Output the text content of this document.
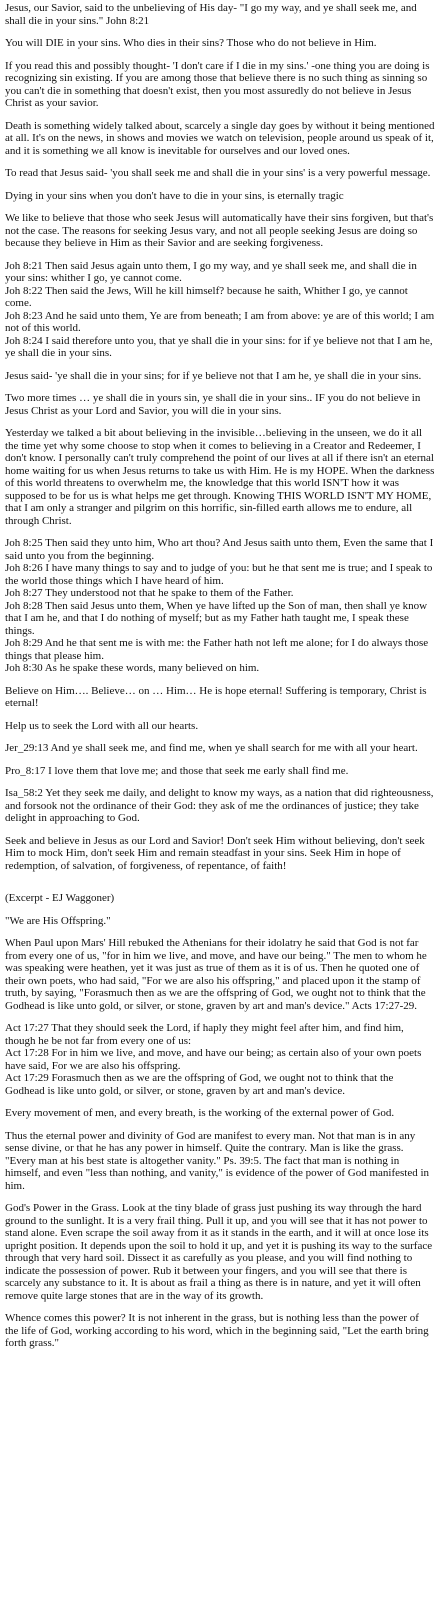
Jesus, our Savior, said to the unbelieving of His day- "I go my way, and ye shall seek me, and shall die in your sins." John 8:21

You will DIE in your sins. Who dies in their sins? Those who do not believe in Him.

If you read this and possibly thought- 'I don't care if I die in my sins.' -one thing you are doing is recognizing sin existing. If you are among those that believe there is no such thing as sinning so you can't die in something that doesn't exist, then you most assuredly do not believe in Jesus Christ as your savior.

Death is something widely talked about, scarcely a single day goes by without it being mentioned at all. It's on the news, in shows and movies we watch on television, people around us speak of it, and it is something we all know is inevitable for ourselves and our loved ones.

To read that Jesus said- 'you shall seek me and shall die in your sins' is a very powerful message.

Dying in your sins when you don't have to die in your sins, is eternally tragic

We like to believe that those who seek Jesus will automatically have their sins forgiven, but that's not the case. The reasons for seeking Jesus vary, and not all people seeking Jesus are doing so because they believe in Him as their Savior and are seeking forgiveness.

Joh 8:21 Then said Jesus again unto them, I go my way, and ye shall seek me, and shall die in your sins: whither I go, ye cannot come.

Joh 8:22 Then said the Jews, Will he kill himself? because he saith, Whither I go, ye cannot come.

Joh 8:23 And he said unto them, Ye are from beneath; I am from above: ye are of this world; I am not of this world.

Joh 8:24 I said therefore unto you, that ye shall die in your sins: for if ye believe not that I am he, ye shall die in your sins.

Jesus said- 'ye shall die in your sins; for if ye believe not that I am he, ye shall die in your sins.

Two more times … ye shall die in yours sin, ye shall die in your sins.. IF you do not believe in Jesus Christ as your Lord and Savior, you will die in your sins.

Yesterday we talked a bit about believing in the invisible…believing in the unseen, we do it all the time yet why some choose to stop when it comes to believing in a Creator and Redeemer, I don't know. I personally can't truly comprehend the point of our lives at all if there isn't an eternal home waiting for us when Jesus returns to take us with Him. He is my HOPE. When the darkness of this world threatens to overwhelm me, the knowledge that this world ISN'T how it was supposed to be for us is what helps me get through. Knowing THIS WORLD ISN'T MY HOME, that I am only a stranger and pilgrim on this horrific, sin-filled earth allows me to endure, all through Christ.

Joh 8:25 Then said they unto him, Who art thou? And Jesus saith unto them, Even the same that I said unto you from the beginning.

Joh 8:26 I have many things to say and to judge of you: but he that sent me is true; and I speak to the world those things which I have heard of him.

Joh 8:27 They understood not that he spake to them of the Father.

Joh 8:28 Then said Jesus unto them, When ye have lifted up the Son of man, then shall ye know that I am he, and that I do nothing of myself; but as my Father hath taught me, I speak these things.

Joh 8:29 And he that sent me is with me: the Father hath not left me alone; for I do always those things that please him.

Joh 8:30 As he spake these words, many believed on him.

Believe on Him…. Believe… on … Him… He is hope eternal! Suffering is temporary, Christ is eternal!

Help us to seek the Lord with all our hearts.

Jer_29:13 And ye shall seek me, and find me, when ye shall search for me with all your heart.

Pro_8:17 I love them that love me; and those that seek me early shall find me.

Isa_58:2 Yet they seek me daily, and delight to know my ways, as a nation that did righteousness, and forsook not the ordinance of their God: they ask of me the ordinances of justice; they take delight in approaching to God.

Seek and believe in Jesus as our Lord and Savior! Don't seek Him without believing, don't seek Him to mock Him, don't seek Him and remain steadfast in your sins. Seek Him in hope of redemption, of salvation, of forgiveness, of repentance, of faith!

(Excerpt - EJ Waggoner)

"We are His Offspring."

When Paul upon Mars' Hill rebuked the Athenians for their idolatry he said that God is not far from every one of us, "for in him we live, and move, and have our being." The men to whom he was speaking were heathen, yet it was just as true of them as it is of us. Then he quoted one of their own poets, who had said, "For we are also his offspring," and placed upon it the stamp of truth, by saying, "Forasmuch then as we are the offspring of God, we ought not to think that the Godhead is like unto gold, or silver, or stone, graven by art and man's device." Acts 17:27-29.

Act 17:27 That they should seek the Lord, if haply they might feel after him, and find him, though he be not far from every one of us:

Act 17:28 For in him we live, and move, and have our being; as certain also of your own poets have said, For we are also his offspring.

Act 17:29 Forasmuch then as we are the offspring of God, we ought not to think that the Godhead is like unto gold, or silver, or stone, graven by art and man's device.

Every movement of men, and every breath, is the working of the external power of God.

Thus the eternal power and divinity of God are manifest to every man. Not that man is in any sense divine, or that he has any power in himself. Quite the contrary. Man is like the grass. "Every man at his best state is altogether vanity." Ps. 39:5. The fact that man is nothing in himself, and even "less than nothing, and vanity," is evidence of the power of God manifested in him.

God's Power in the Grass. Look at the tiny blade of grass just pushing its way through the hard ground to the sunlight. It is a very frail thing. Pull it up, and you will see that it has not power to stand alone. Even scrape the soil away from it as it stands in the earth, and it will at once lose its upright position. It depends upon the soil to hold it up, and yet it is pushing its way to the surface through that very hard soil. Dissect it as carefully as you please, and you will find nothing to indicate the possession of power. Rub it between your fingers, and you will see that there is scarcely any substance to it. It is about as frail a thing as there is in nature, and yet it will often remove quite large stones that are in the way of its growth.

Whence comes this power? It is not inherent in the grass, but is nothing less than the power of the life of God, working according to his word, which in the beginning said, "Let the earth bring forth grass."
